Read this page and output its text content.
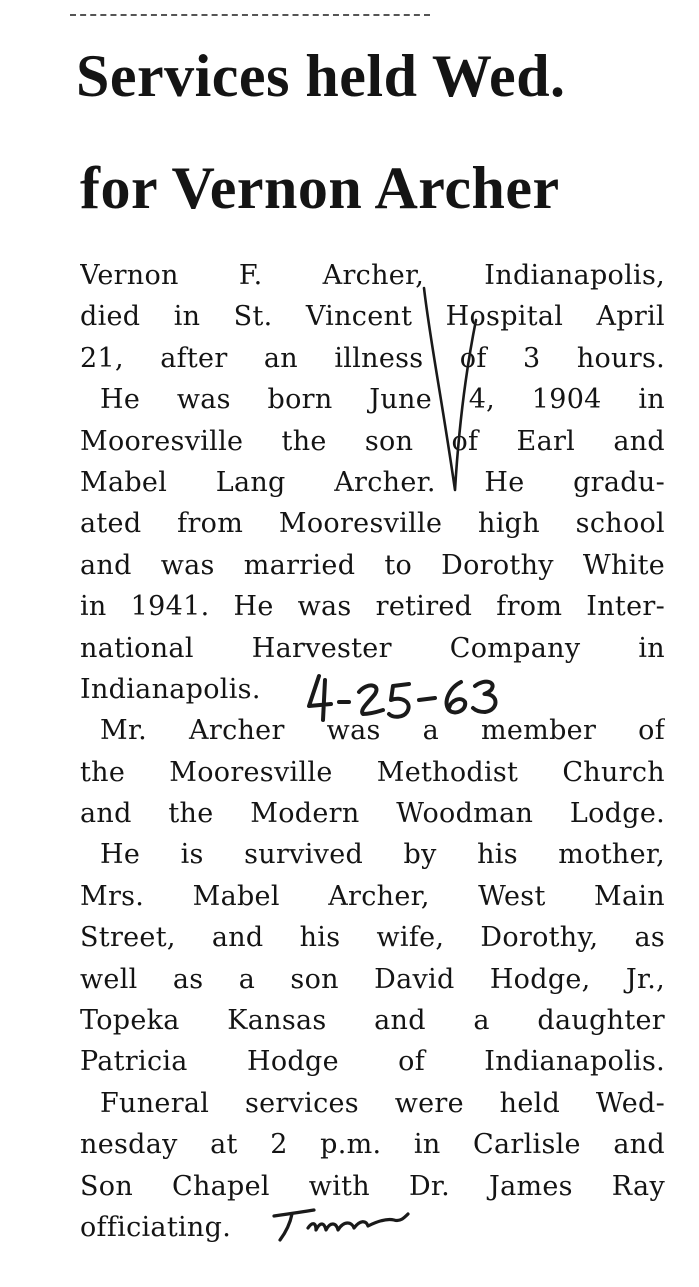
Services held Wed.
for Vernon Archer
Vernon F. Archer, Indianapolis,
died in St. Vincent Hospital April
21, after an illness of 3 hours.
He was born June 4, 1904 in
Mooresville the son of Earl and
Mabel Lang Archer. He gradu-
ated from Mooresville high school
and was married to Dorothy White
in 1941. He was retired from Inter-
national Harvester Company in
Indianapolis.
Mr. Archer was a member of
the Mooresville Methodist Church
and the Modern Woodman Lodge.
He is survived by his mother,
Mrs. Mabel Archer, West Main
Street, and his wife, Dorothy, as
well as a son David Hodge, Jr.,
Topeka Kansas and a daughter
Patricia Hodge of Indianapolis.
Funeral services were held Wed-
nesday at 2 p.m. in Carlisle and
Son Chapel with Dr. James Ray
officiating.
